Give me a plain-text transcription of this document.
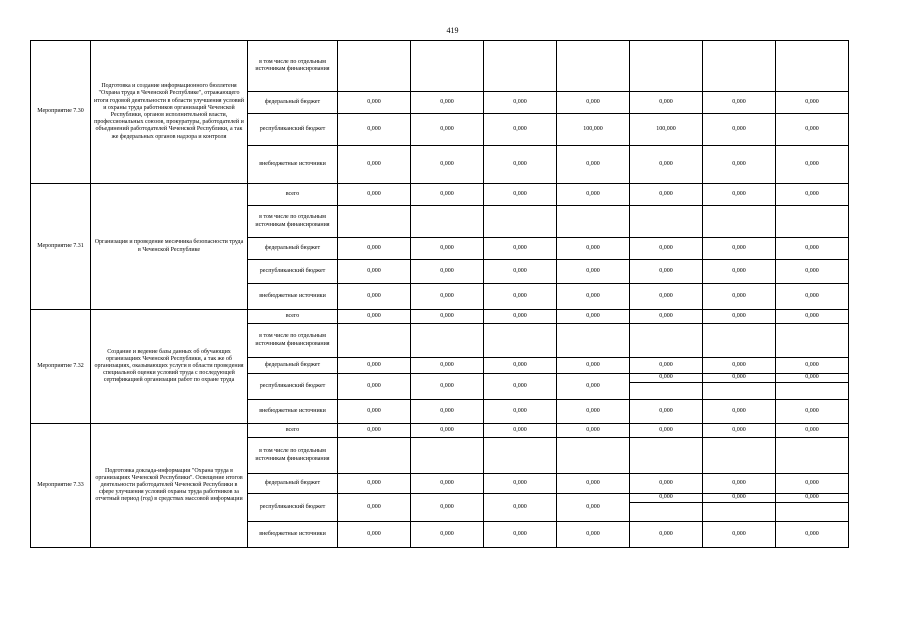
419
Мероприятие 7.30	Подготовка и создание информационного бюллетеня "Охрана труда в Чеченской Республике", отражающего итоги годовой деятельности в области улучшения условий и охраны труда работников организаций Чеченской Республики, органов исполнительной власти, профессиональных союзов, прокуратуры, работодателей и объединений работодателей Чеченской Республики, а так же федеральных органов надзора и контроля	в том числе по отдельным источникам финансирования							
		федеральный бюджет	0,000	0,000	0,000	0,000	0,000	0,000	0,000
		республиканский бюджет	0,000	0,000	0,000	100,000	100,000	0,000	0,000
		внебюджетные источники	0,000	0,000	0,000	0,000	0,000	0,000	0,000
Мероприятие 7.31	Организация и проведение месячника безопасности труда в Чеченской Республике	всего	0,000	0,000	0,000	0,000	0,000	0,000	0,000
		в том числе по отдельным источникам финансирования							
		федеральный бюджет	0,000	0,000	0,000	0,000	0,000	0,000	0,000
		республиканский бюджет	0,000	0,000	0,000	0,000	0,000	0,000	0,000
		внебюджетные источники	0,000	0,000	0,000	0,000	0,000	0,000	0,000
Мероприятие 7.32	Создание и ведение базы данных об обучающих организациях Чеченской Республики, а так же об организациях, оказывающих услуги в области проведения специальной оценки условий труда с последующей сертификацией организации работ по охране труда	всего	0,000	0,000	0,000	0,000	0,000	0,000	0,000
		в том числе по отдельным источникам финансирования							
		федеральный бюджет	0,000	0,000	0,000	0,000	0,000	0,000	0,000
		республиканский бюджет	0,000	0,000	0,000	0,000	0,000	0,000	0,000

		внебюджетные источники	0,000	0,000	0,000	0,000	0,000	0,000	0,000
Мероприятие 7.33	Подготовка доклада-информации "Охрана труда в организациях Чеченской Республики". Освещение итогов деятельности работодателей Чеченской Республики в сфере улучшения условий охраны труда работников за отчетный период (год) в средствах массовой информации	всего	0,000	0,000	0,000	0,000	0,000	0,000	0,000
		в том числе по отдельным источникам финансирования							
		федеральный бюджет	0,000	0,000	0,000	0,000	0,000	0,000	0,000
		республиканский бюджет	0,000	0,000	0,000	0,000	0,000	0,000	0,000

		внебюджетные источники	0,000	0,000	0,000	0,000	0,000	0,000	0,000
